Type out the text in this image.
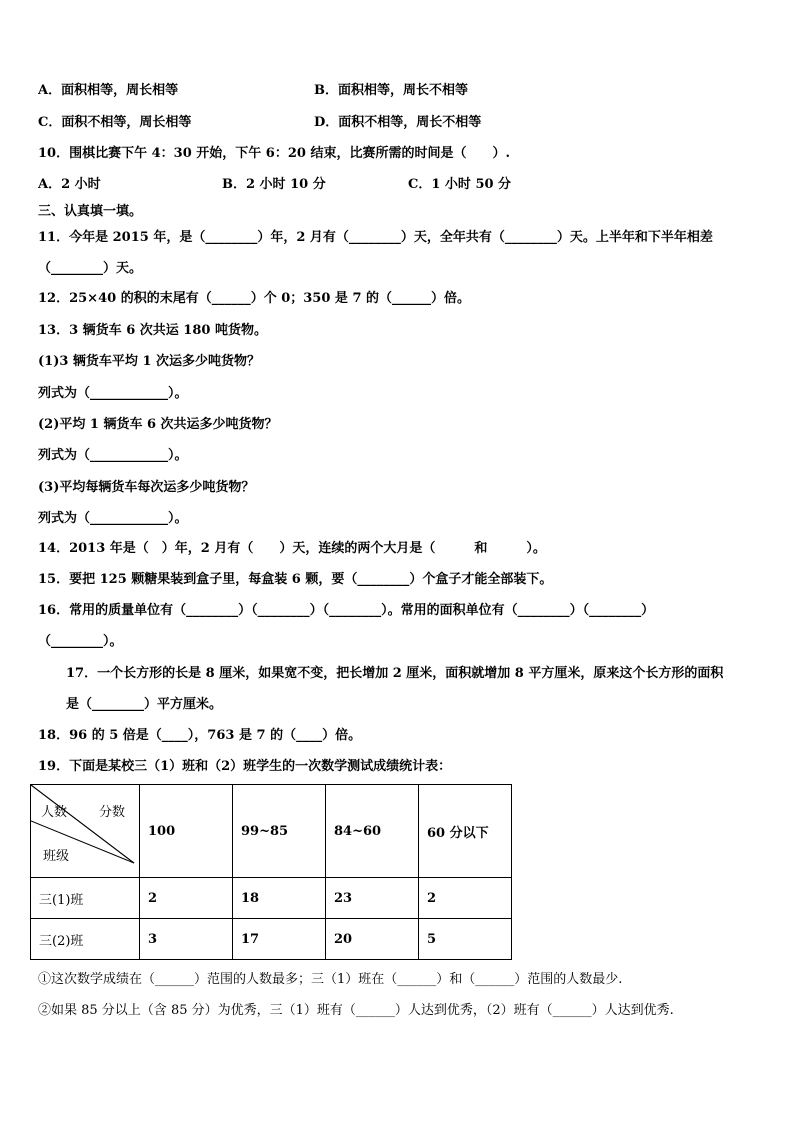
A．面积相等，周长相等	B．面积相等，周长不相等
C．面积不相等，周长相等	D．面积不相等，周长不相等
10．围棋比赛下午 4：30 开始，下午 6：20 结束，比赛所需的时间是（　　）.
A．2 小时	B．2 小时 10 分	C．1 小时 50 分
三、认真填一填。
11．今年是 2015 年，是（________）年，2 月有（________）天，全年共有（________）天。上半年和下半年相差
（________）天。
12．25×40 的积的末尾有（______）个 0；350 是 7 的（______）倍。
13．3 辆货车 6 次共运 180 吨货物。
(1)3 辆货车平均 1 次运多少吨货物？
列式为（____________）。
(2)平均 1 辆货车 6 次共运多少吨货物？
列式为（____________）。
(3)平均每辆货车每次运多少吨货物？
列式为（____________）。
14．2013 年是（　）年，2 月有（　　）天，连续的两个大月是（　　　和　　　）。
15．要把 125 颗糖果装到盒子里，每盒装 6 颗，要（________）个盒子才能全部装下。
16．常用的质量单位有（________）（________）（________）。常用的面积单位有（________）（________）
（________）。
17．一个长方形的长是 8 厘米，如果宽不变，把长增加 2 厘米，面积就增加 8 平方厘米，原来这个长方形的面积
是（________）平方厘米。
18．96 的 5 倍是（____），763 是 7 的（____）倍。
19．下面是某校三（1）班和（2）班学生的一次数学测试成绩统计表：
人数 分数
班级	100	99~85	84~60	60 分以下
三(1)班	2	18	23	2
三(2)班	3	17	20	5
①这次数学成绩在（______）范围的人数最多；三（1）班在（______）和（______）范围的人数最少.
②如果 85 分以上（含 85 分）为优秀，三（1）班有（______）人达到优秀，（2）班有（______）人达到优秀.
